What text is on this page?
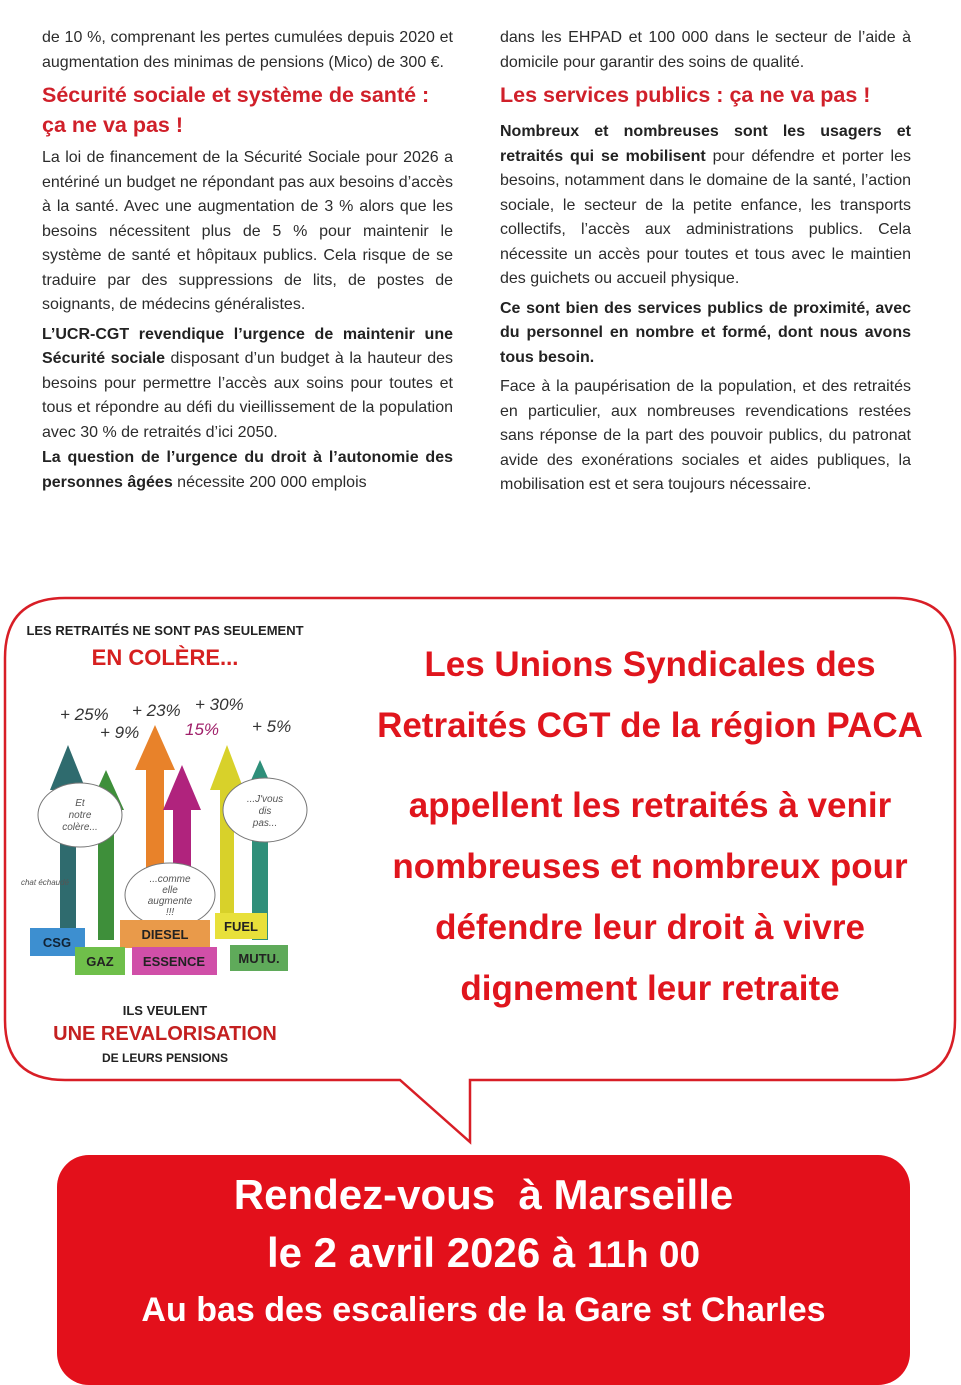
de 10 %, comprenant les pertes cumulées depuis 2020 et augmentation des minimas de pensions (Mico) de 300 €.

Sécurité sociale et système de santé : ça ne va pas !

La loi de financement de la Sécurité Sociale pour 2026 a entériné un budget ne répondant pas aux besoins d’accès à la santé. Avec une augmentation de 3 % alors que les besoins nécessitent plus de 5 % pour maintenir le système de santé et hôpitaux publics. Cela risque de se traduire par des suppressions de lits, de postes de soignants, de médecins généralistes.

L’UCR-CGT revendique l’urgence de maintenir une Sécurité sociale disposant d’un budget à la hauteur des besoins pour permettre l’accès aux soins pour toutes et tous et répondre au défi du vieillissement de la population avec 30 % de retraités d’ici 2050.

La question de l’urgence du droit à l’autonomie des personnes âgées nécessite 200 000 emplois

dans les EHPAD et 100 000 dans le secteur de l’aide à domicile pour garantir des soins de qualité.

Les services publics : ça ne va pas !

Nombreux et nombreuses sont les usagers et retraités qui se mobilisent pour défendre et porter les besoins, notamment dans le domaine de la santé, l’action sociale, le secteur de la petite enfance, les transports collectifs, l’accès aux administrations publics. Cela nécessite un accès pour toutes et tous avec le maintien des guichets ou accueil physique.

Ce sont bien des services publics de proximité, avec du personnel en nombre et formé, dont nous avons tous besoin.

Face à la paupérisation de la population, et des retraités en particulier, aux nombreuses revendications restées sans réponse de la part des pouvoir publics, du patronat avide des exonérations sociales et aides publiques, la mobilisation est et sera toujours nécessaire.

LES RETRAITÉS NE SONT PAS SEULEMENT
EN COLÈRE...
+ 25%
+ 9%
+ 23%
15%
+ 30%
+ 5%
Et
notre
colère...
...J'vous
dis
pas...
...comme
elle
augmente
!!!
chat échaudé
CSG
DIESEL
FUEL
GAZ ESSENCE	MUTU.
ILS VEULENT
UNE REVALORISATION
DE LEURS PENSIONS
Les Unions Syndicales des
Retraités CGT de la région PACA
appellent les retraités à venir
nombreuses et nombreux pour
défendre leur droit à vivre
dignement leur retraite
Rendez-vous  à Marseille
le 2 avril 2026 à 11h 00
Au bas des escaliers de la Gare st Charles
